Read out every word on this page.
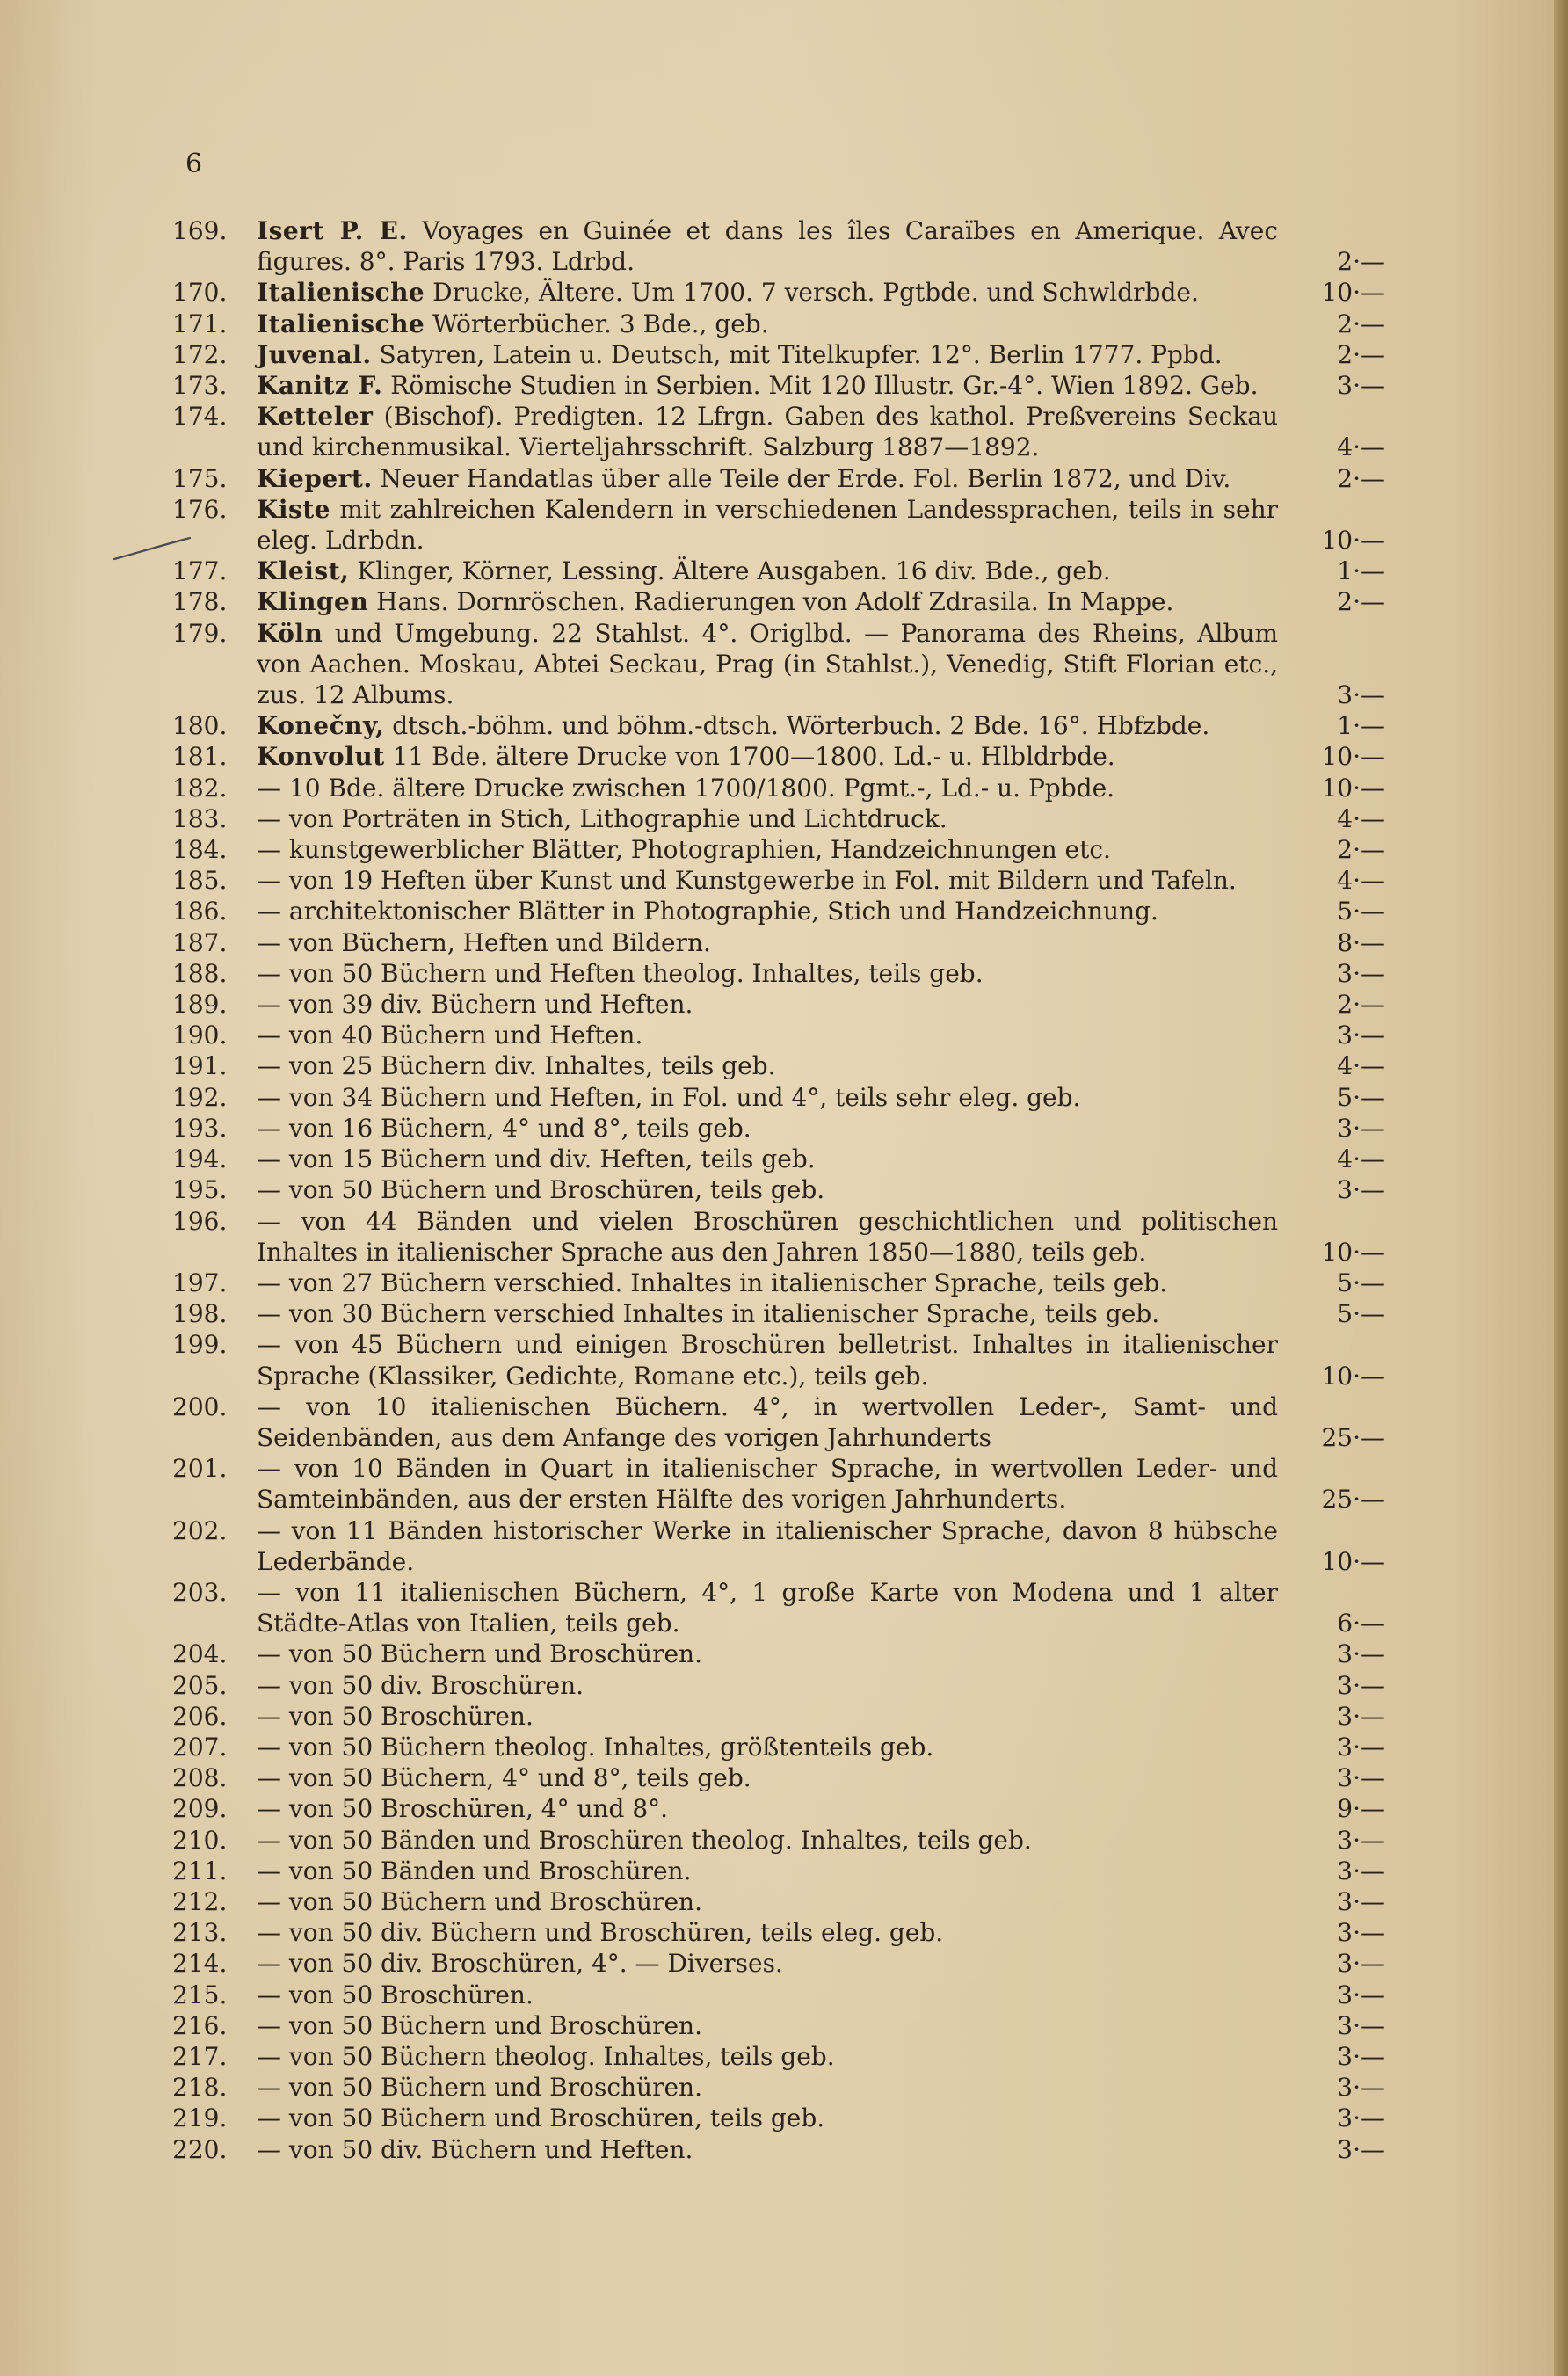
6
169.	Isert P. E. Voyages en Guinée et dans les îles Caraïbes en Amerique. Avec figures. 8°. Paris 1793. Ldrbd.	2·—
170.	Italienische Drucke, Ältere. Um 1700. 7 versch. Pgtbde. und Schwldrbde.	10·—
171.	Italienische Wörterbücher. 3 Bde., geb.	2·—
172.	Juvenal. Satyren, Latein u. Deutsch, mit Titelkupfer. 12°. Berlin 1777. Ppbd.	2·—
173.	Kanitz F. Römische Studien in Serbien. Mit 120 Illustr. Gr.-4°. Wien 1892. Geb.	3·—
174.	Ketteler (Bischof). Predigten. 12 Lfrgn. Gaben des kathol. Preßvereins Seckau und kirchenmusikal. Vierteljahrsschrift. Salzburg 1887—1892.	4·—
175.	Kiepert. Neuer Handatlas über alle Teile der Erde. Fol. Berlin 1872, und Div.	2·—
176.	Kiste mit zahlreichen Kalendern in verschiedenen Landessprachen, teils in sehr eleg. Ldrbdn.	10·—
177.	Kleist, Klinger, Körner, Lessing. Ältere Ausgaben. 16 div. Bde., geb.	1·—
178.	Klingen Hans. Dornröschen. Radierungen von Adolf Zdrasila. In Mappe.	2·—
179.	Köln und Umgebung. 22 Stahlst. 4°. Origlbd. — Panorama des Rheins, Album von Aachen. Moskau, Abtei Seckau, Prag (in Stahlst.), Venedig, Stift Florian etc., zus. 12 Albums.	3·—
180.	Konečny, dtsch.-böhm. und böhm.-dtsch. Wörterbuch. 2 Bde. 16°. Hbfzbde.	1·—
181.	Konvolut 11 Bde. ältere Drucke von 1700—1800. Ld.- u. Hlbldrbde.	10·—
182.	— 10 Bde. ältere Drucke zwischen 1700/1800. Pgmt.-, Ld.- u. Ppbde.	10·—
183.	— von Porträten in Stich, Lithographie und Lichtdruck.	4·—
184.	— kunstgewerblicher Blätter, Photographien, Handzeichnungen etc.	2·—
185.	— von 19 Heften über Kunst und Kunstgewerbe in Fol. mit Bildern und Tafeln.	4·—
186.	— architektonischer Blätter in Photographie, Stich und Handzeichnung.	5·—
187.	— von Büchern, Heften und Bildern.	8·—
188.	— von 50 Büchern und Heften theolog. Inhaltes, teils geb.	3·—
189.	— von 39 div. Büchern und Heften.	2·—
190.	— von 40 Büchern und Heften.	3·—
191.	— von 25 Büchern div. Inhaltes, teils geb.	4·—
192.	— von 34 Büchern und Heften, in Fol. und 4°, teils sehr eleg. geb.	5·—
193.	— von 16 Büchern, 4° und 8°, teils geb.	3·—
194.	— von 15 Büchern und div. Heften, teils geb.	4·—
195.	— von 50 Büchern und Broschüren, teils geb.	3·—
196.	— von 44 Bänden und vielen Broschüren geschichtlichen und politischen Inhaltes in italienischer Sprache aus den Jahren 1850—1880, teils geb.	10·—
197.	— von 27 Büchern verschied. Inhaltes in italienischer Sprache, teils geb.	5·—
198.	— von 30 Büchern verschied Inhaltes in italienischer Sprache, teils geb.	5·—
199.	— von 45 Büchern und einigen Broschüren belletrist. Inhaltes in italienischer Sprache (Klassiker, Gedichte, Romane etc.), teils geb.	10·—
200.	— von 10 italienischen Büchern. 4°, in wertvollen Leder-, Samt- und Seidenbänden, aus dem Anfange des vorigen Jahrhunderts	25·—
201.	— von 10 Bänden in Quart in italienischer Sprache, in wertvollen Leder- und Samteinbänden, aus der ersten Hälfte des vorigen Jahrhunderts.	25·—
202.	— von 11 Bänden historischer Werke in italienischer Sprache, davon 8 hübsche Lederbände.	10·—
203.	— von 11 italienischen Büchern, 4°, 1 große Karte von Modena und 1 alter Städte-Atlas von Italien, teils geb.	6·—
204.	— von 50 Büchern und Broschüren.	3·—
205.	— von 50 div. Broschüren.	3·—
206.	— von 50 Broschüren.	3·—
207.	— von 50 Büchern theolog. Inhaltes, größtenteils geb.	3·—
208.	— von 50 Büchern, 4° und 8°, teils geb.	3·—
209.	— von 50 Broschüren, 4° und 8°.	9·—
210.	— von 50 Bänden und Broschüren theolog. Inhaltes, teils geb.	3·—
211.	— von 50 Bänden und Broschüren.	3·—
212.	— von 50 Büchern und Broschüren.	3·—
213.	— von 50 div. Büchern und Broschüren, teils eleg. geb.	3·—
214.	— von 50 div. Broschüren, 4°. — Diverses.	3·—
215.	— von 50 Broschüren.	3·—
216.	— von 50 Büchern und Broschüren.	3·—
217.	— von 50 Büchern theolog. Inhaltes, teils geb.	3·—
218.	— von 50 Büchern und Broschüren.	3·—
219.	— von 50 Büchern und Broschüren, teils geb.	3·—
220.	— von 50 div. Büchern und Heften.	3·—
